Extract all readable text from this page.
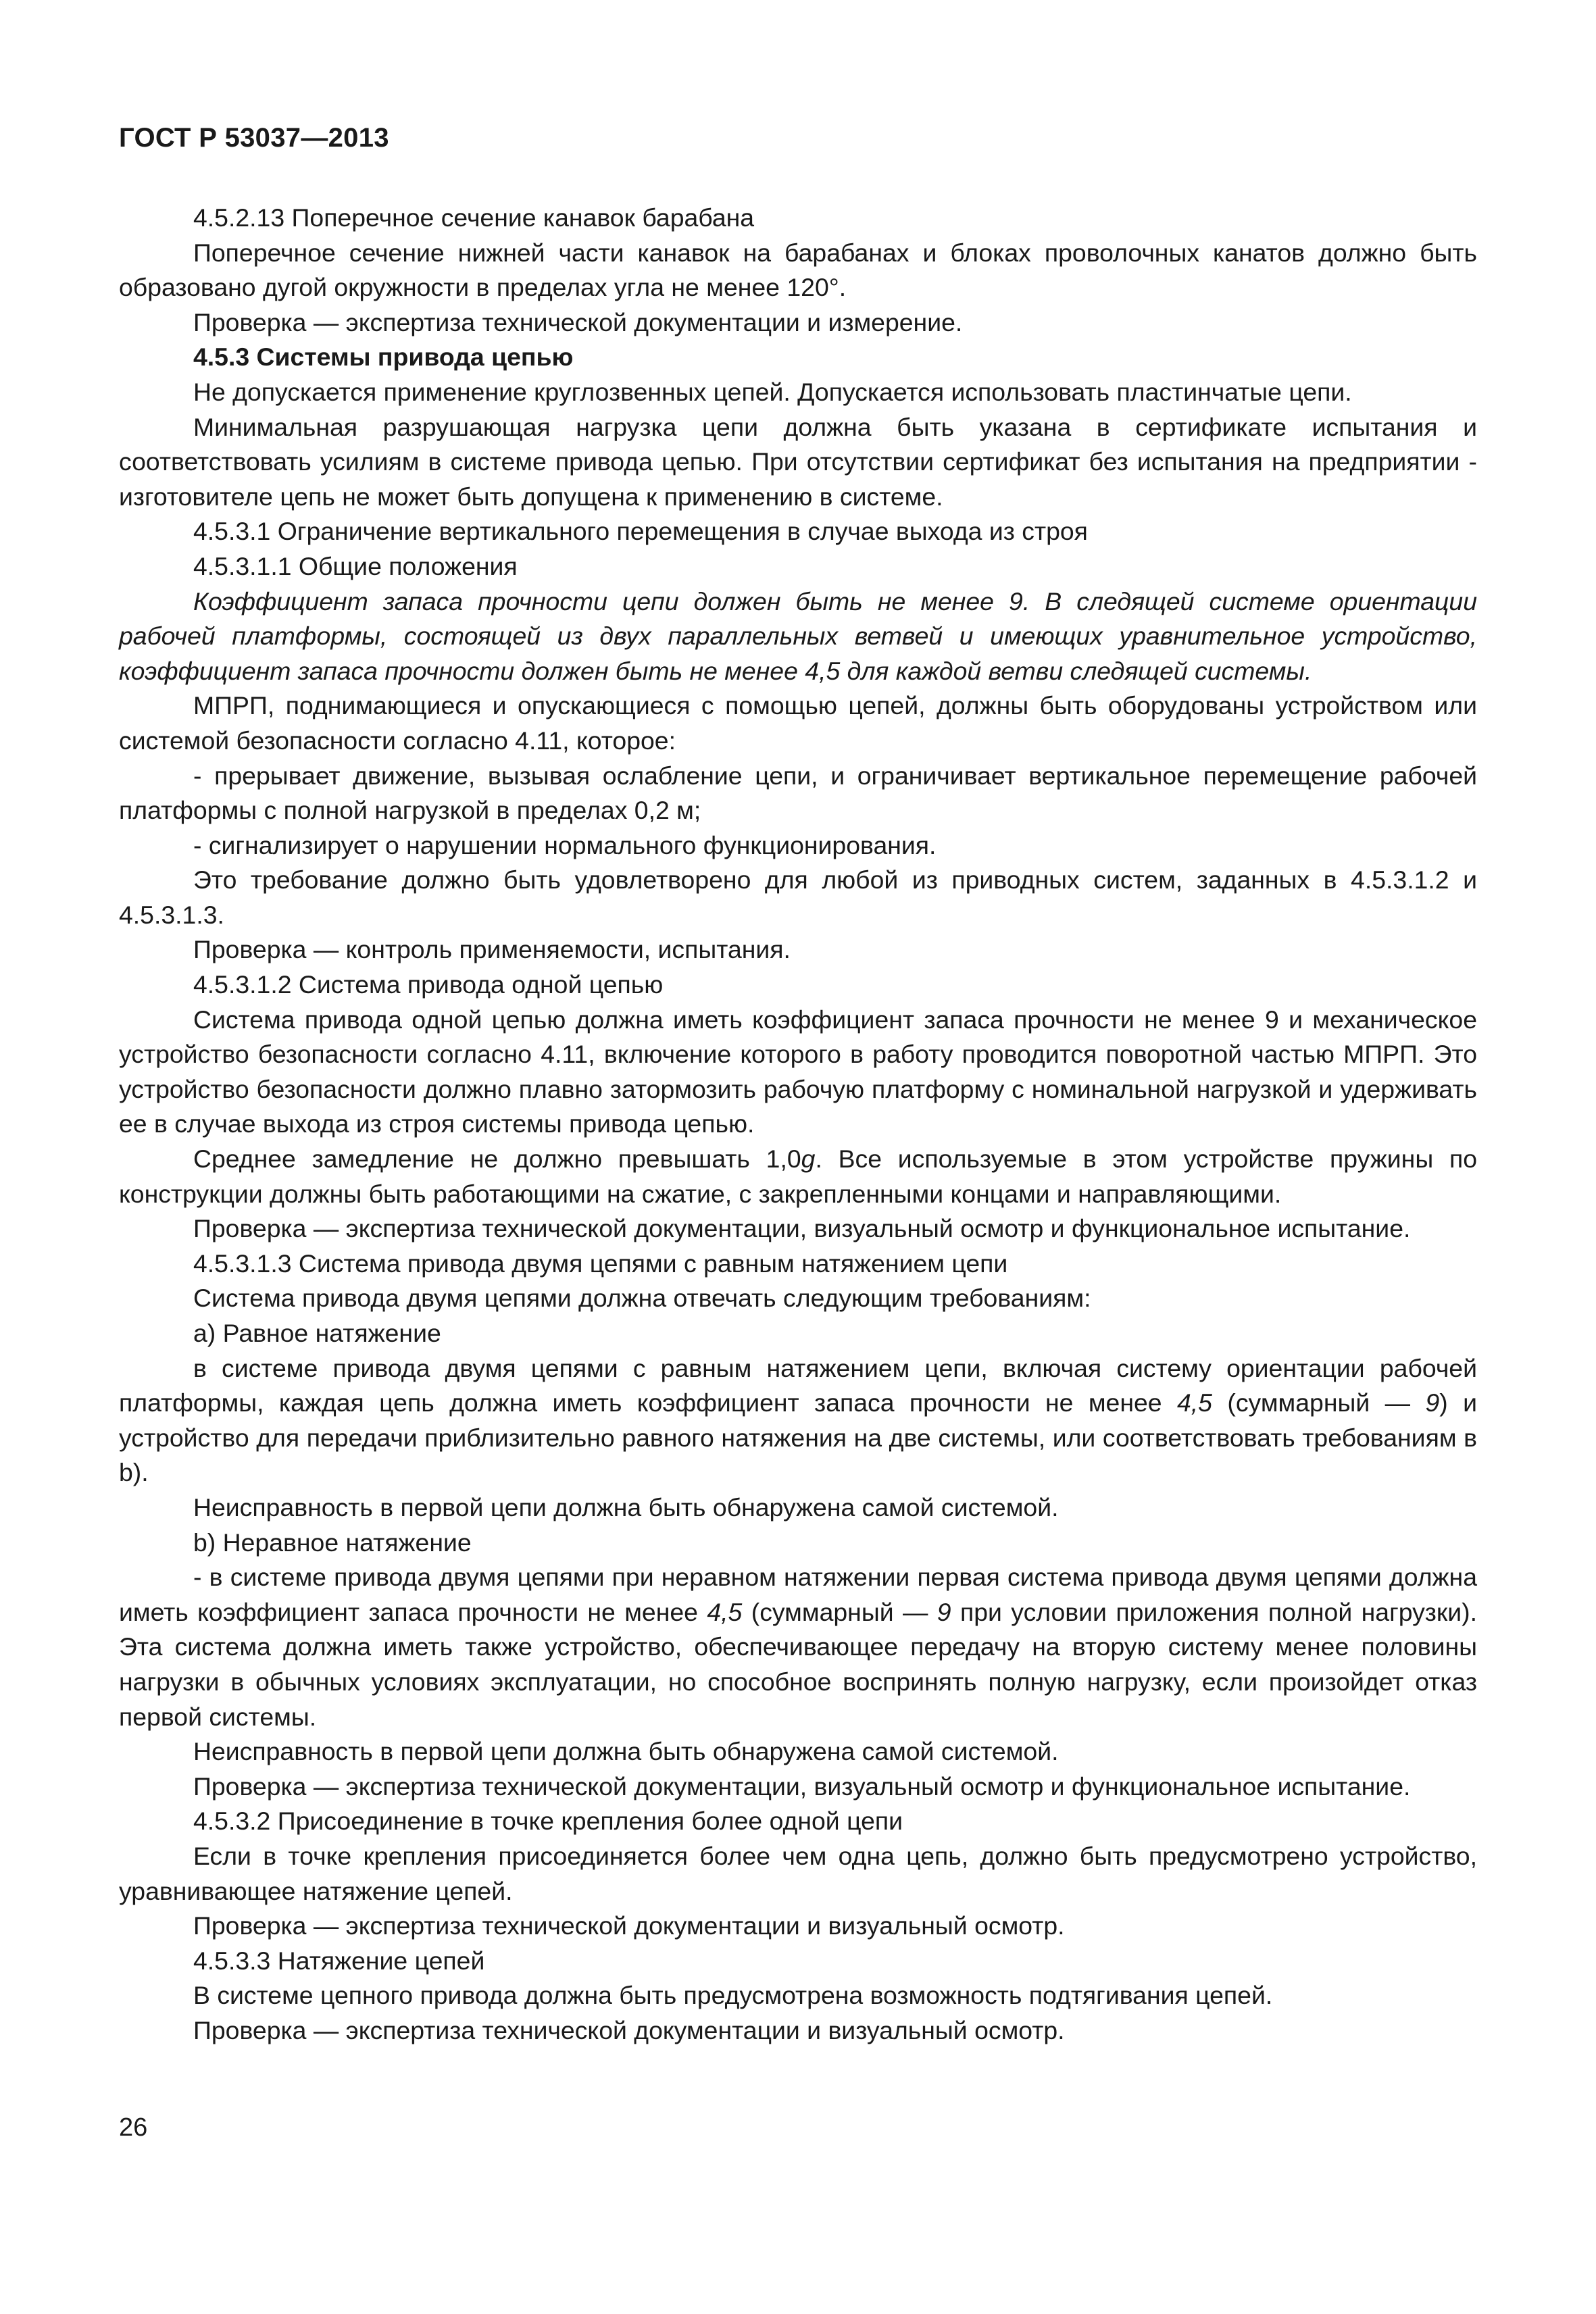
ГОСТ Р 53037—2013

4.5.2.13 Поперечное сечение канавок барабана

Поперечное сечение нижней части канавок на барабанах и блоках проволочных канатов должно быть образовано дугой окружности в пределах угла не менее 120°.

Проверка — экспертиза технической документации и измерение.

4.5.3 Системы привода цепью

Не допускается применение круглозвенных цепей. Допускается использовать пластинчатые цепи.

Минимальная разрушающая нагрузка цепи должна быть указана в сертификате испытания и соответствовать усилиям в системе привода цепью. При отсутствии сертификат без испытания на предприятии - изготовителе цепь не может быть допущена к применению в системе.

4.5.3.1 Ограничение вертикального перемещения в случае выхода из строя

4.5.3.1.1 Общие положения

Коэффициент запаса прочности цепи должен быть не менее 9. В следящей системе ориентации рабочей платформы, состоящей из двух параллельных ветвей и имеющих уравнительное устройство, коэффициент запаса прочности должен быть не менее 4,5 для каждой ветви следящей системы.

МПРП, поднимающиеся и опускающиеся с помощью цепей, должны быть оборудованы устройством или системой безопасности согласно 4.11, которое:

- прерывает движение, вызывая ослабление цепи, и ограничивает вертикальное перемещение рабочей платформы с полной нагрузкой в пределах 0,2 м;

- сигнализирует о нарушении нормального функционирования.

Это требование должно быть удовлетворено для любой из приводных систем, заданных в 4.5.3.1.2 и 4.5.3.1.3.

Проверка — контроль применяемости, испытания.

4.5.3.1.2 Система привода одной цепью

Система привода одной цепью должна иметь коэффициент запаса прочности не менее 9 и механическое устройство безопасности согласно 4.11, включение которого в работу проводится поворотной частью МПРП. Это устройство безопасности должно плавно затормозить рабочую платформу с номинальной нагрузкой и удерживать ее в случае выхода из строя системы привода цепью.

Среднее замедление не должно превышать 1,0g. Все используемые в этом устройстве пружины по конструкции должны быть работающими на сжатие, с закрепленными концами и направляющими.

Проверка — экспертиза технической документации, визуальный осмотр и функциональное испытание.

4.5.3.1.3 Система привода двумя цепями с равным натяжением цепи

Система привода двумя цепями должна отвечать следующим требованиям:

a) Равное натяжение

в системе привода двумя цепями с равным натяжением цепи, включая систему ориентации рабочей платформы, каждая цепь должна иметь коэффициент запаса прочности не менее 4,5 (суммарный — 9) и устройство для передачи приблизительно равного натяжения на две системы, или соответствовать требованиям в b).

Неисправность в первой цепи должна быть обнаружена самой системой.

b) Неравное натяжение

- в системе привода двумя цепями при неравном натяжении первая система привода двумя цепями должна иметь коэффициент запаса прочности не менее 4,5 (суммарный — 9 при условии приложения полной нагрузки). Эта система должна иметь также устройство, обеспечивающее передачу на вторую систему менее половины нагрузки в обычных условиях эксплуатации, но способное воспринять полную нагрузку, если произойдет отказ первой системы.

Неисправность в первой цепи должна быть обнаружена самой системой.

Проверка — экспертиза технической документации, визуальный осмотр и функциональное испытание.

4.5.3.2 Присоединение в точке крепления более одной цепи

Если в точке крепления присоединяется более чем одна цепь, должно быть предусмотрено устройство, уравнивающее натяжение цепей.

Проверка — экспертиза технической документации и визуальный осмотр.

4.5.3.3 Натяжение цепей

В системе цепного привода должна быть предусмотрена возможность подтягивания цепей.

Проверка — экспертиза технической документации и визуальный осмотр.

26
